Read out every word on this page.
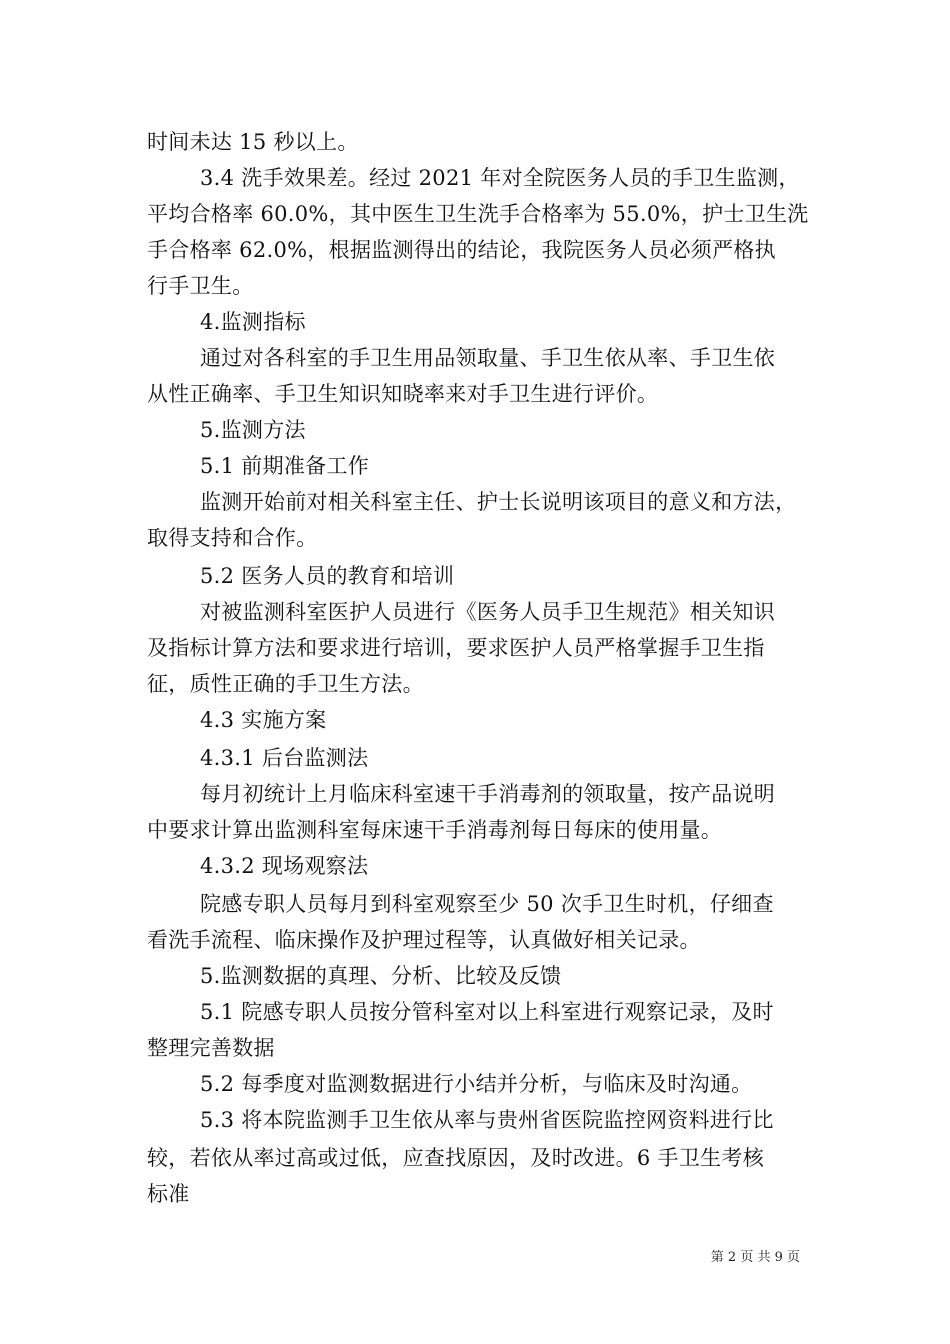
时间未达 15 秒以上。
3.4 洗手效果差。经过 2021 年对全院医务人员的手卫生监测，
平均合格率 60.0%，其中医生卫生洗手合格率为 55.0%，护士卫生洗
手合格率 62.0%，根据监测得出的结论，我院医务人员必须严格执
行手卫生。
4.监测指标
通过对各科室的手卫生用品领取量、手卫生依从率、手卫生依
从性正确率、手卫生知识知晓率来对手卫生进行评价。
5.监测方法
5.1 前期准备工作
监测开始前对相关科室主任、护士长说明该项目的意义和方法，
取得支持和合作。
5.2 医务人员的教育和培训
对被监测科室医护人员进行《医务人员手卫生规范》相关知识
及指标计算方法和要求进行培训，要求医护人员严格掌握手卫生指
征，质性正确的手卫生方法。
4.3 实施方案
4.3.1 后台监测法
每月初统计上月临床科室速干手消毒剂的领取量，按产品说明
中要求计算出监测科室每床速干手消毒剂每日每床的使用量。
4.3.2 现场观察法
院感专职人员每月到科室观察至少 50 次手卫生时机，仔细查
看洗手流程、临床操作及护理过程等，认真做好相关记录。
5.监测数据的真理、分析、比较及反馈
5.1 院感专职人员按分管科室对以上科室进行观察记录，及时
整理完善数据
5.2 每季度对监测数据进行小结并分析，与临床及时沟通。
5.3 将本院监测手卫生依从率与贵州省医院监控网资料进行比
较，若依从率过高或过低，应查找原因，及时改进。6 手卫生考核
标准
第 2 页 共 9 页
